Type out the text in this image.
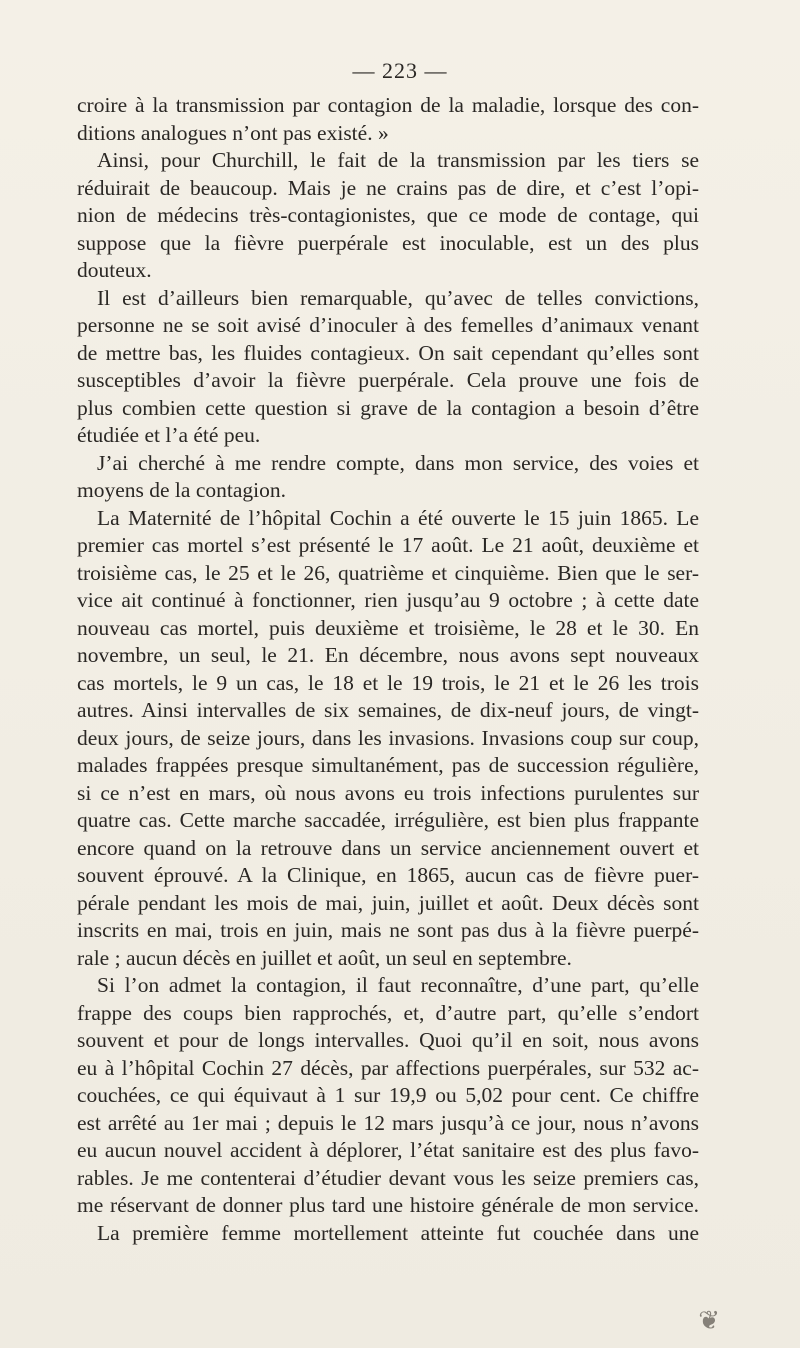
— 223 —
croire à la transmission par contagion de la maladie, lorsque des con-
ditions analogues n’ont pas existé. »
Ainsi, pour Churchill, le fait de la transmission par les tiers se
réduirait de beaucoup. Mais je ne crains pas de dire, et c’est l’opi-
nion de médecins très-contagionistes, que ce mode de contage, qui
suppose que la fièvre puerpérale est inoculable, est un des plus
douteux.
Il est d’ailleurs bien remarquable, qu’avec de telles convictions,
personne ne se soit avisé d’inoculer à des femelles d’animaux venant
de mettre bas, les fluides contagieux. On sait cependant qu’elles sont
susceptibles d’avoir la fièvre puerpérale. Cela prouve une fois de
plus combien cette question si grave de la contagion a besoin d’être
étudiée et l’a été peu.
J’ai cherché à me rendre compte, dans mon service, des voies et
moyens de la contagion.
La Maternité de l’hôpital Cochin a été ouverte le 15 juin 1865. Le
premier cas mortel s’est présenté le 17 août. Le 21 août, deuxième et
troisième cas, le 25 et le 26, quatrième et cinquième. Bien que le ser-
vice ait continué à fonctionner, rien jusqu’au 9 octobre ; à cette date
nouveau cas mortel, puis deuxième et troisième, le 28 et le 30. En
novembre, un seul, le 21. En décembre, nous avons sept nouveaux
cas mortels, le 9 un cas, le 18 et le 19 trois, le 21 et le 26 les trois
autres. Ainsi intervalles de six semaines, de dix-neuf jours, de vingt-
deux jours, de seize jours, dans les invasions. Invasions coup sur coup,
malades frappées presque simultanément, pas de succession régulière,
si ce n’est en mars, où nous avons eu trois infections purulentes sur
quatre cas. Cette marche saccadée, irrégulière, est bien plus frappante
encore quand on la retrouve dans un service anciennement ouvert et
souvent éprouvé. A la Clinique, en 1865, aucun cas de fièvre puer-
pérale pendant les mois de mai, juin, juillet et août. Deux décès sont
inscrits en mai, trois en juin, mais ne sont pas dus à la fièvre puerpé-
rale ; aucun décès en juillet et août, un seul en septembre.
Si l’on admet la contagion, il faut reconnaître, d’une part, qu’elle
frappe des coups bien rapprochés, et, d’autre part, qu’elle s’endort
souvent et pour de longs intervalles. Quoi qu’il en soit, nous avons
eu à l’hôpital Cochin 27 décès, par affections puerpérales, sur 532 ac-
couchées, ce qui équivaut à 1 sur 19,9 ou 5,02 pour cent. Ce chiffre
est arrêté au 1er mai ; depuis le 12 mars jusqu’à ce jour, nous n’avons
eu aucun nouvel accident à déplorer, l’état sanitaire est des plus favo-
rables. Je me contenterai d’étudier devant vous les seize premiers cas,
me réservant de donner plus tard une histoire générale de mon service.
La première femme mortellement atteinte fut couchée dans une
❦
